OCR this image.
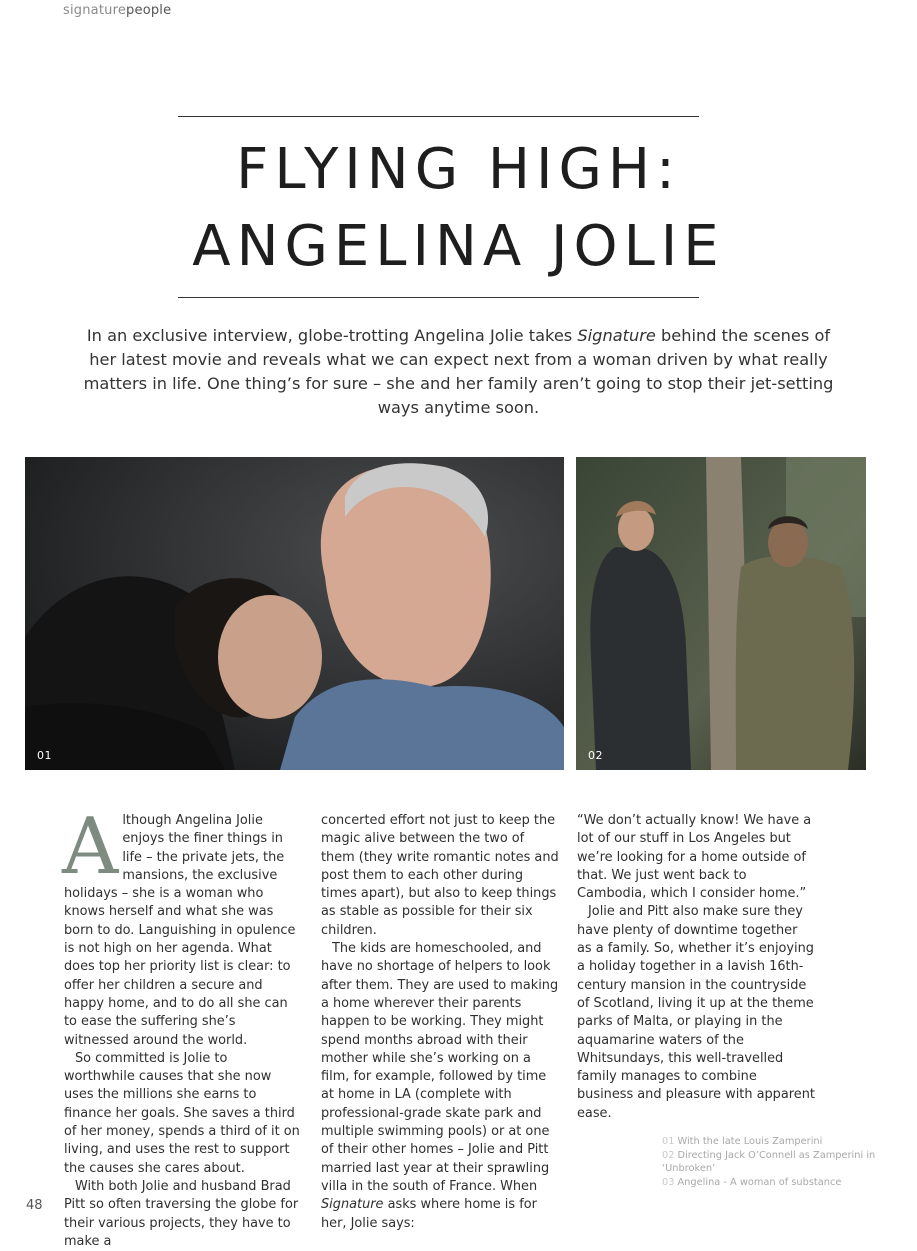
signaturepeople
FLYING HIGH:
ANGELINA JOLIE

In an exclusive interview, globe-trotting Angelina Jolie takes Signature behind the scenes of her latest movie and reveals what we can expect next from a woman driven by what really matters in life. One thing’s for sure – she and her family aren’t going to stop their jet-setting ways anytime soon.

01	02
A lthough Angelina Jolie enjoys the finer things in life – the private jets, the mansions, the exclusive holidays – she is a woman who knows herself and what she was born to do. Languishing in opulence is not high on her agenda. What does top her priority list is clear: to offer her children a secure and happy home, and to do all she can to ease the suffering she’s witnessed around the world.

So committed is Jolie to worthwhile causes that she now uses the millions she earns to finance her goals. She saves a third of her money, spends a third of it on living, and uses the rest to support the causes she cares about.

With both Jolie and husband Brad Pitt so often traversing the globe for their various projects, they have to make a

concerted effort not just to keep the magic alive between the two of them (they write romantic notes and post them to each other during times apart), but also to keep things as stable as possible for their six children.

The kids are homeschooled, and have no shortage of helpers to look after them. They are used to making a home wherever their parents happen to be working. They might spend months abroad with their mother while she’s working on a film, for example, followed by time at home in LA (complete with professional-grade skate park and multiple swimming pools) or at one of their other homes – Jolie and Pitt married last year at their sprawling villa in the south of France. When Signature asks where home is for her, Jolie says:

“We don’t actually know! We have a lot of our stuff in Los Angeles but we’re looking for a home outside of that. We just went back to Cambodia, which I consider home.”

Jolie and Pitt also make sure they have plenty of downtime together as a family. So, whether it’s enjoying a holiday together in a lavish 16th-century mansion in the countryside of Scotland, living it up at the theme parks of Malta, or playing in the aquamarine waters of the Whitsundays, this well-travelled family manages to combine business and pleasure with apparent ease.

01 With the late Louis Zamperini
02 Directing Jack O’Connell as Zamperini in ‘Unbroken’
03 Angelina - A woman of substance
48
